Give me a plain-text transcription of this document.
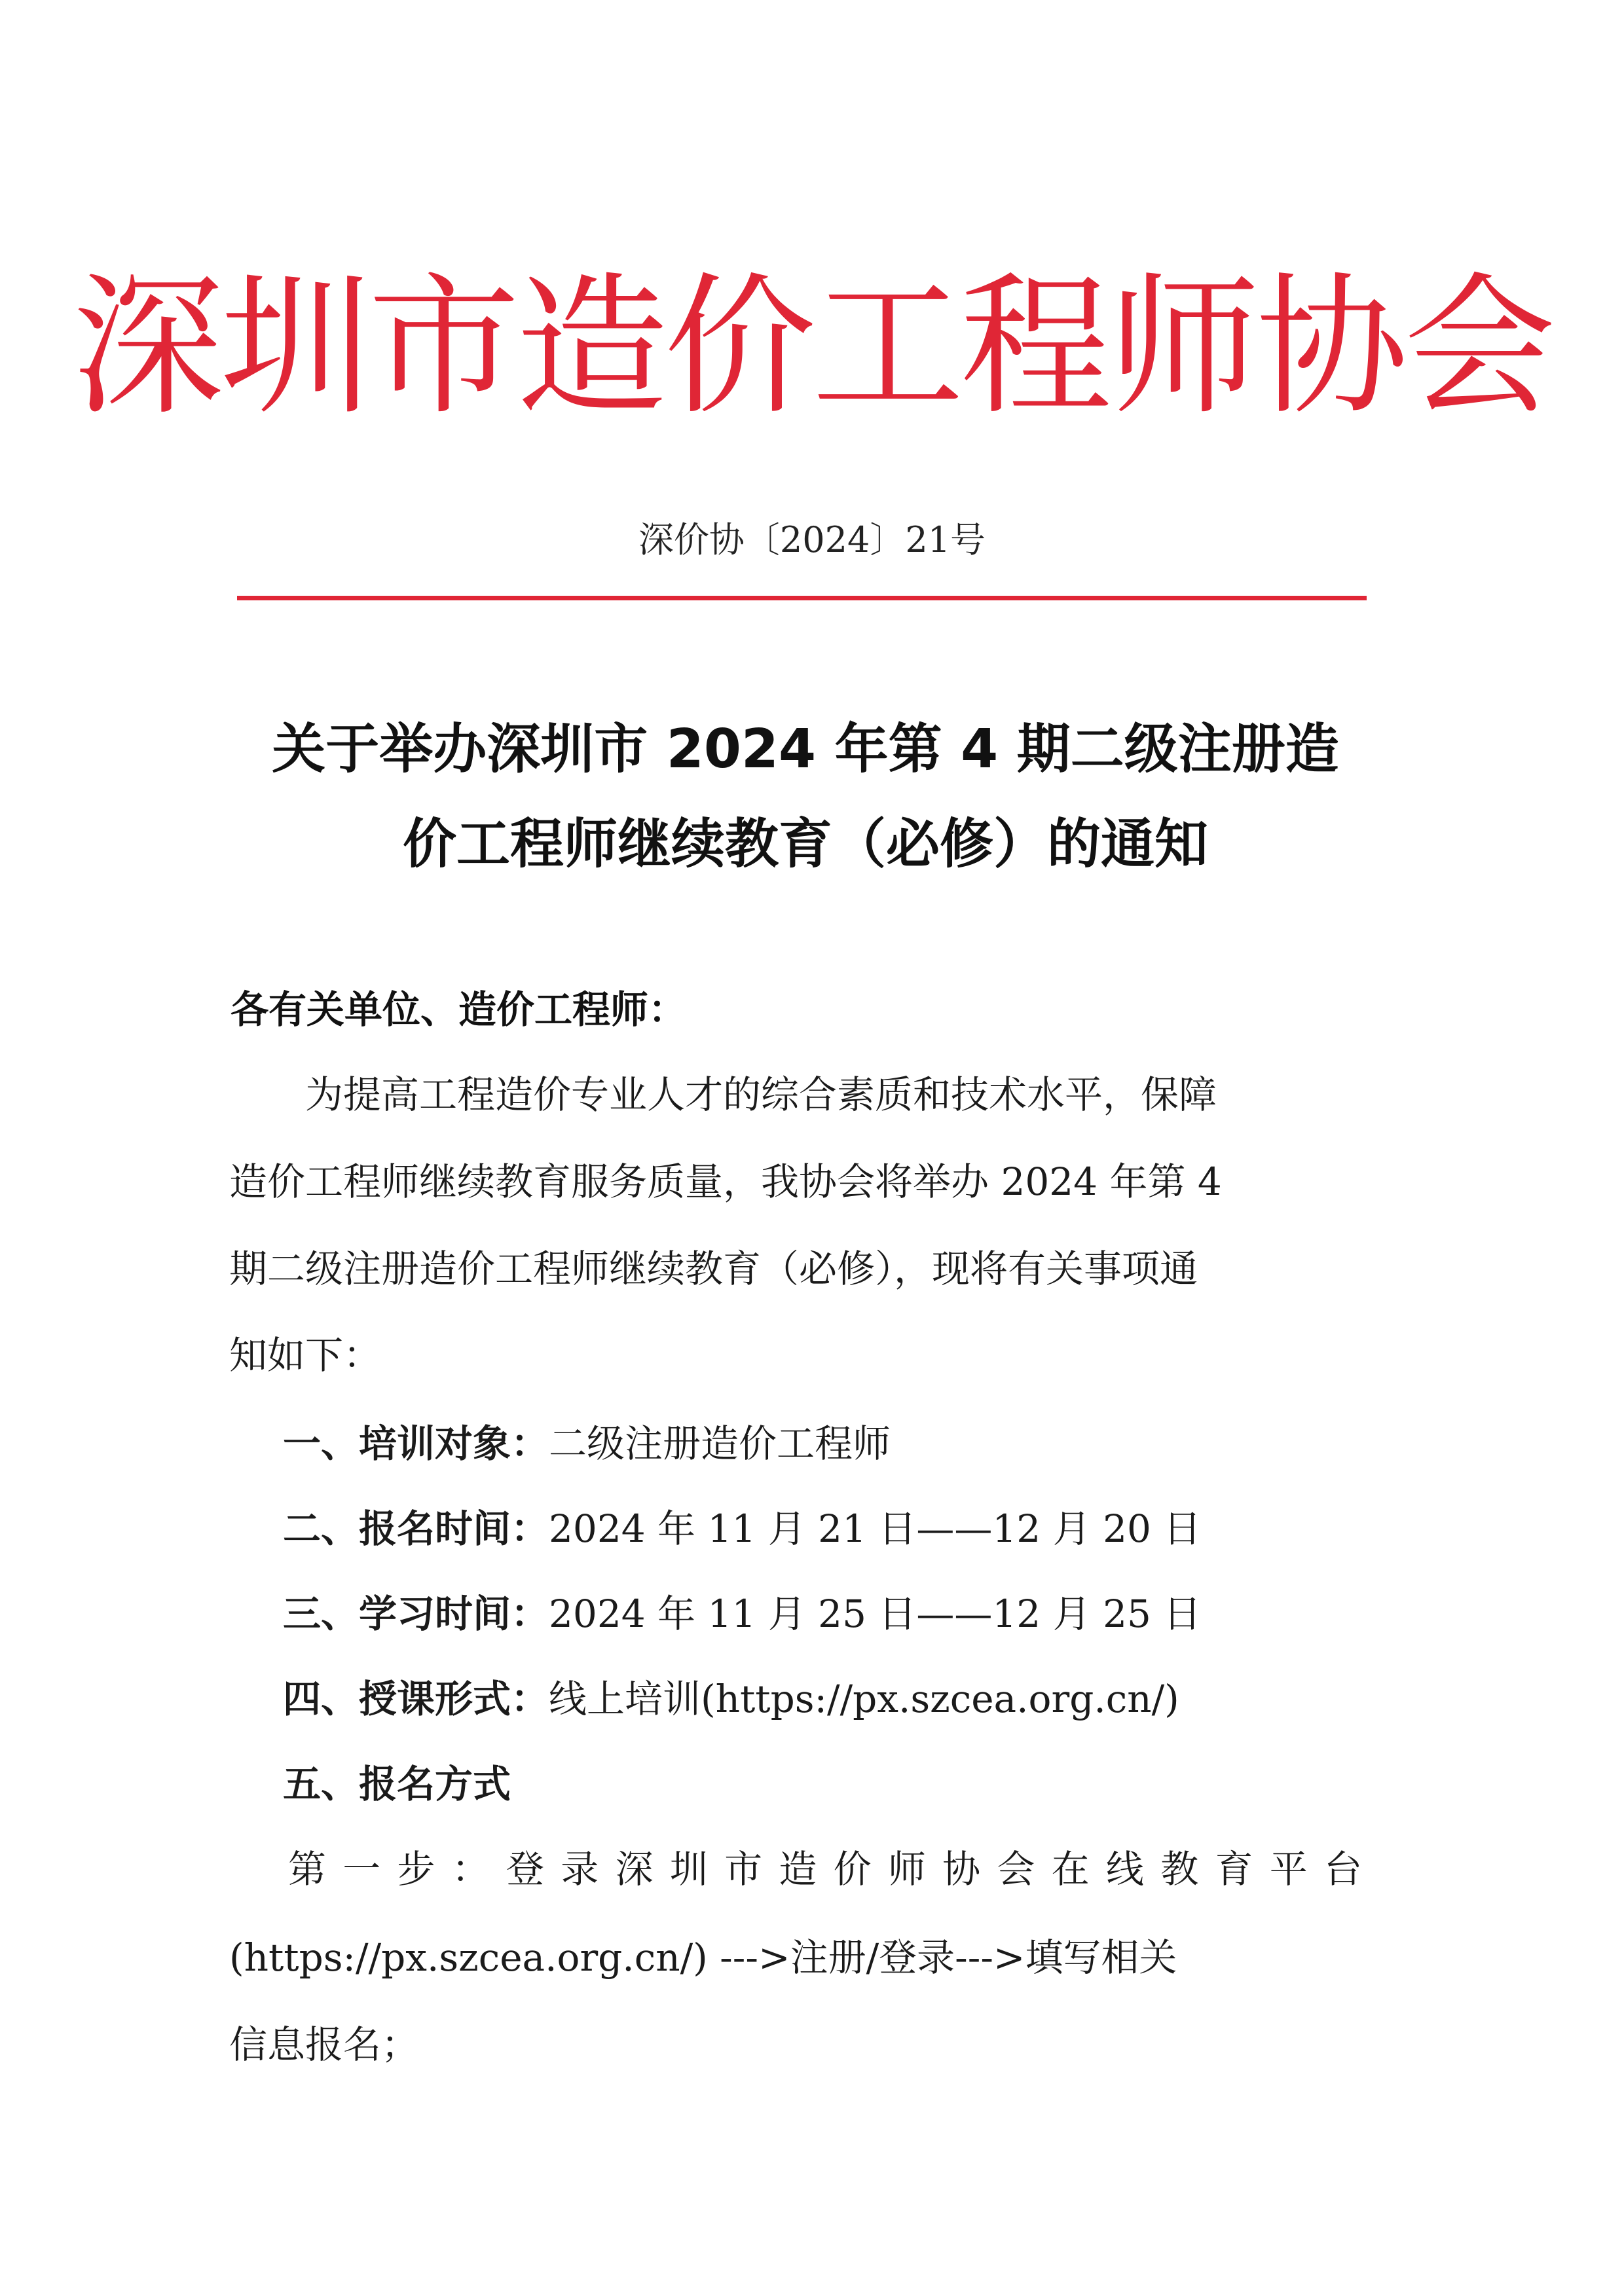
深圳市造价工程师协会
深价协〔2024〕21号
关于举办深圳市 2024 年第 4 期二级注册造
价工程师继续教育（必修）的通知
各有关单位、造价工程师：
为提高工程造价专业人才的综合素质和技术水平，保障
造价工程师继续教育服务质量，我协会将举办 2024 年第 4
期二级注册造价工程师继续教育（必修），现将有关事项通
知如下：
一、培训对象：二级注册造价工程师
二、报名时间：2024 年 11 月 21 日——12 月 20 日
三、学习时间：2024 年 11 月 25 日——12 月 25 日
四、授课形式：线上培训(https://px.szcea.org.cn/)
五、报名方式
第一步：登录深圳市造价师协会在线教育平台
(https://px.szcea.org.cn/) --->注册/登录--->填写相关
信息报名；
